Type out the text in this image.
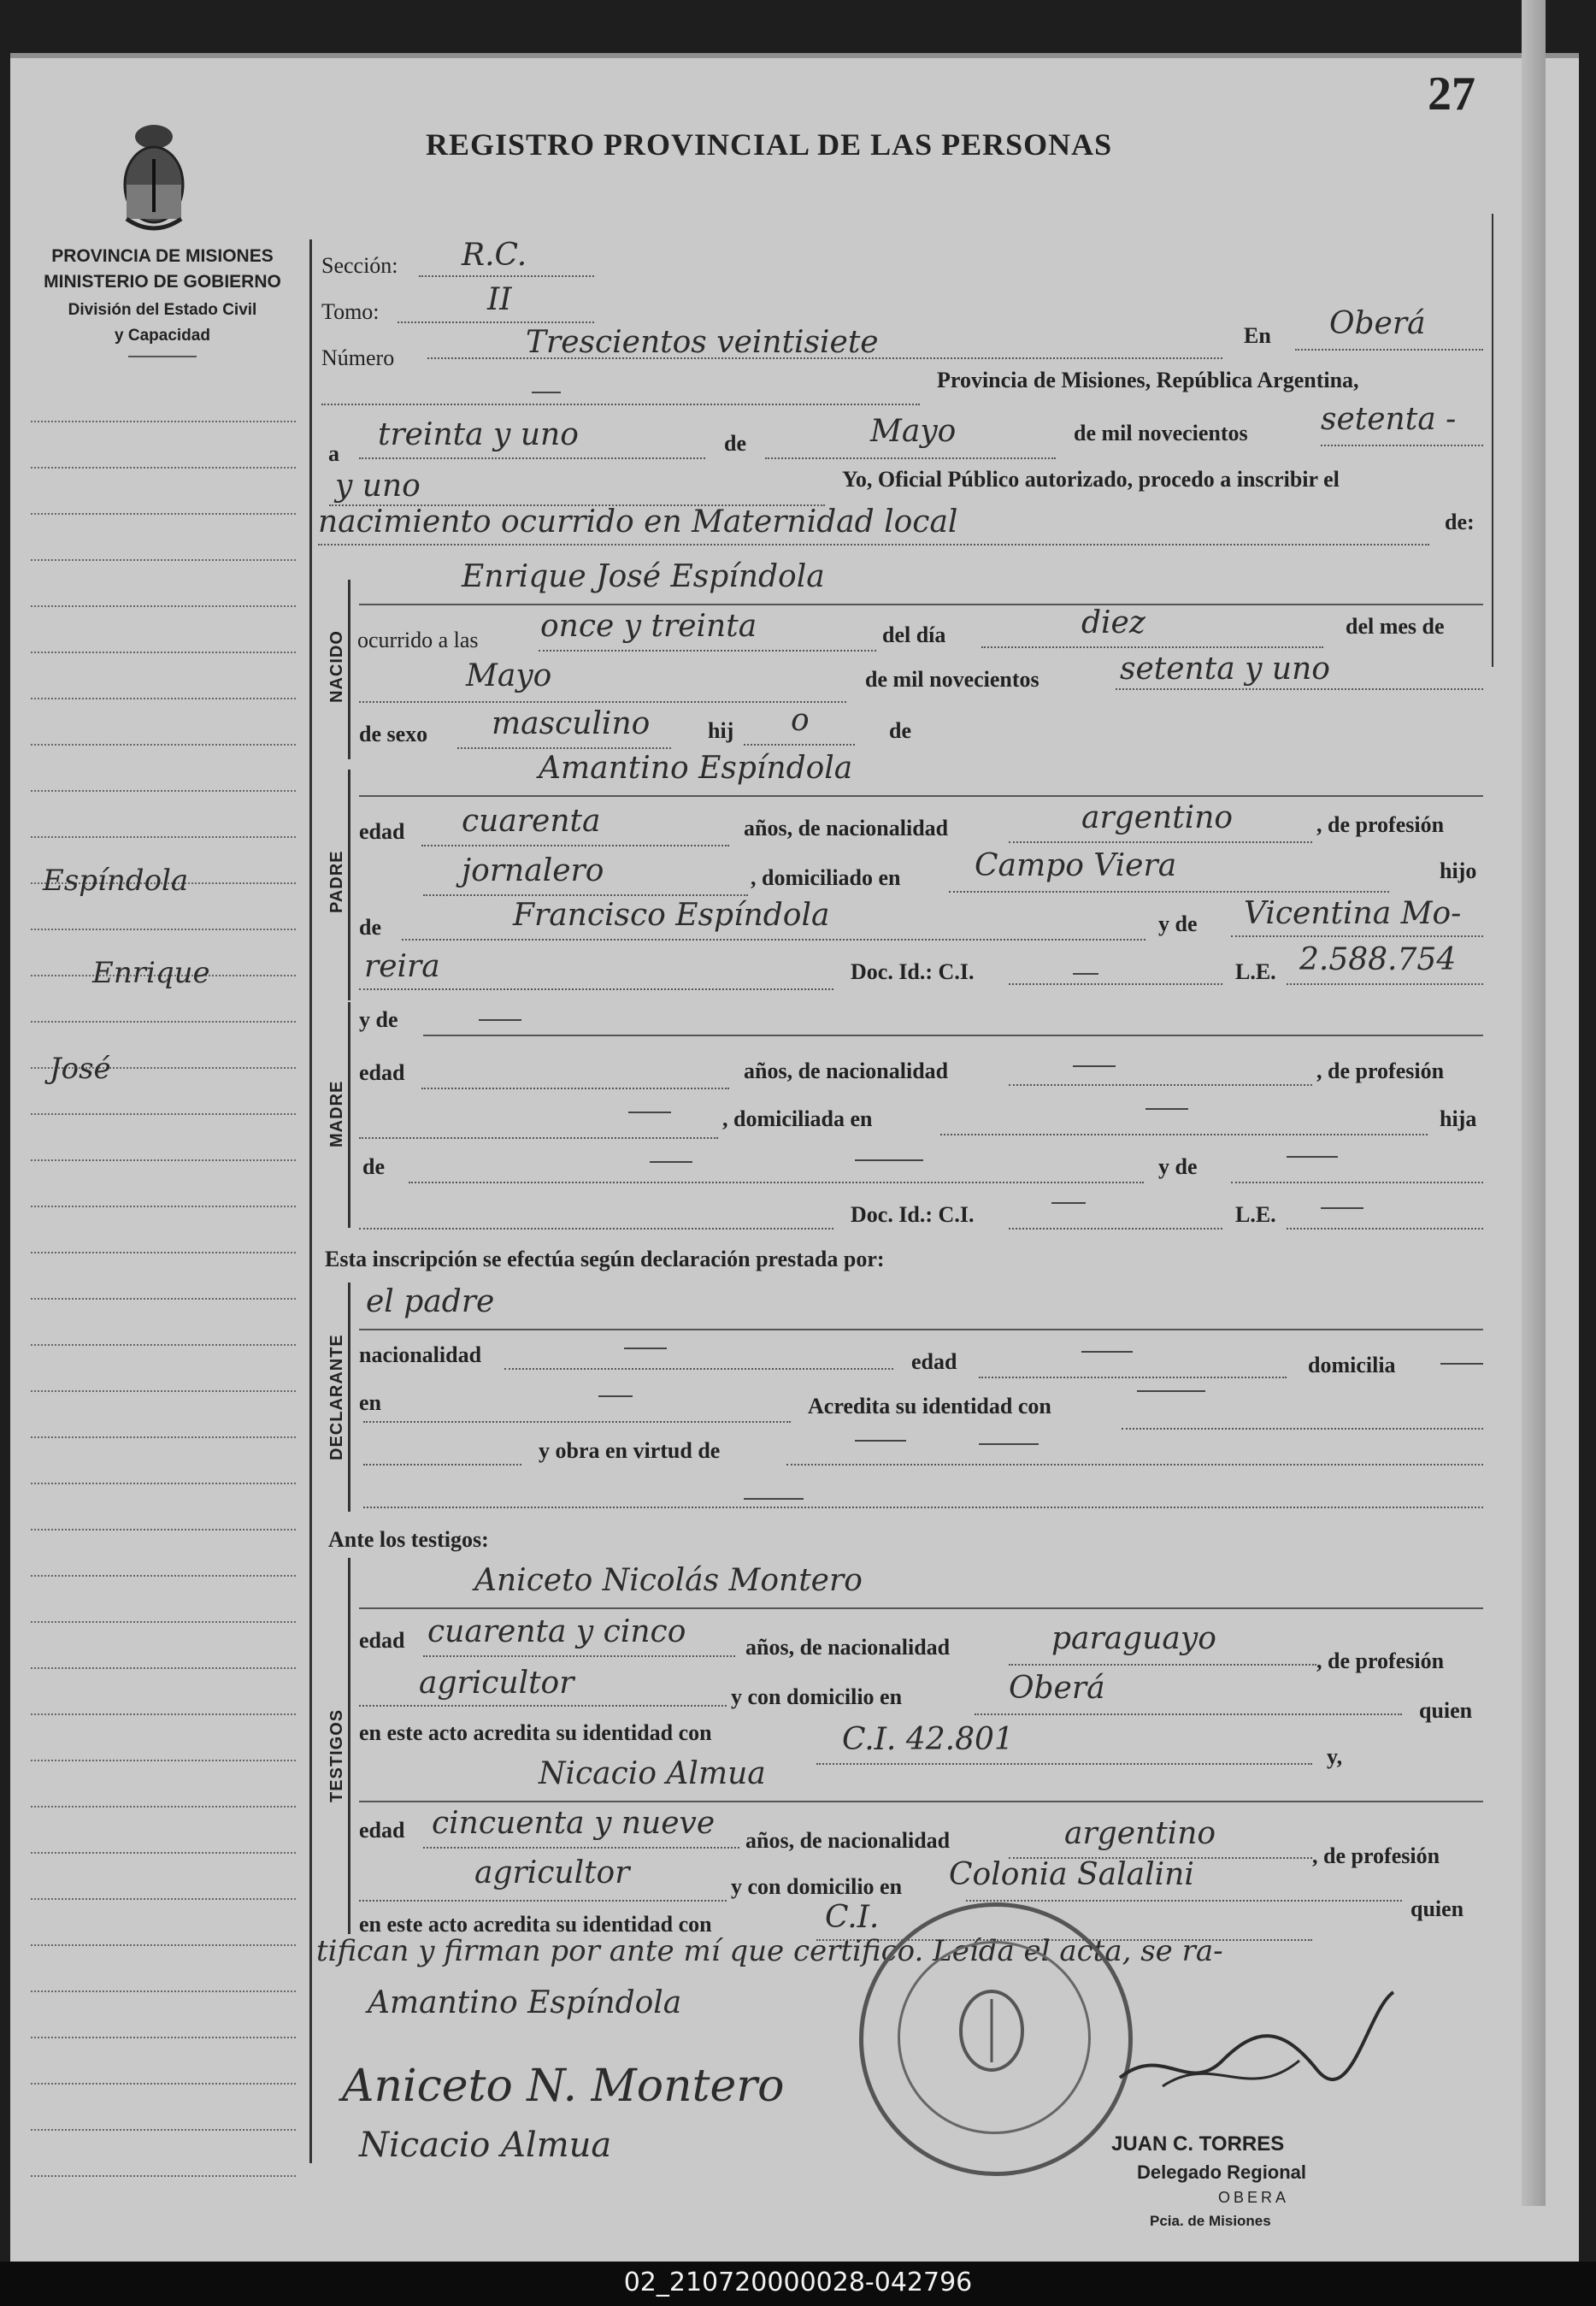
27
REGISTRO PROVINCIAL DE LAS PERSONAS
PROVINCIA DE MISIONES
MINISTERIO DE GOBIERNO
División del Estado Civil
y Capacidad
Espíndola
Enrique
José
Sección: R.C.
Tomo:	II
Número	Trescientos veintisiete	En Oberá
Provincia de Misiones, República Argentina,
a
treinta y uno	de	Mayo	de mil novecientos setenta -
y uno	Yo, Oficial Público autorizado, procedo a inscribir el
nacimiento ocurrido en Maternidad local	de:
NACIDO
Enrique José Espíndola
ocurrido a las once y treinta	del día	diez	del mes de
Mayo	de mil novecientos	setenta y uno
de sexo masculino	hij o	de
PADRE
Amantino Espíndola
edad cuarenta	años, de nacionalidad	argentino	, de profesión
jornalero	, domiciliado en Campo Viera	hijo
de	Francisco Espíndola	y de Vicentina Mo-
reira	Doc. Id.: C.I.	L.E. 2.588.754
MADRE
y de
edad	años, de nacionalidad	, de profesión
, domiciliada en	hija
de	y de
Doc. Id.: C.I.	L.E.
Esta inscripción se efectúa según declaración prestada por:
DECLARANTE
el padre
nacionalidad	edad	domicilia
en	Acredita su identidad con
y obra en virtud de
Ante los testigos:
TESTIGOS
Aniceto Nicolás Montero
edad cuarenta y cinco	años, de nacionalidad	paraguayo
, de profesión
agricultor	y con domicilio en	Oberá
quien
en este acto acredita su identidad con	C.I. 42.801	y,
Nicacio Almua
edad cincuenta y nueve años, de nacionalidad	argentino
, de profesión
agricultor	y con domicilio en Colonia Salalini
en este acto acredita su identidad con	C.I.	quien
tifican y firman por ante mí que certifico. Leída el acta, se ra-
Amantino Espíndola
Aniceto N. Montero
Nicacio Almua	JUAN C. TORRES
Delegado Regional
OBERA
Pcia. de Misiones
02_210720000028-042796
